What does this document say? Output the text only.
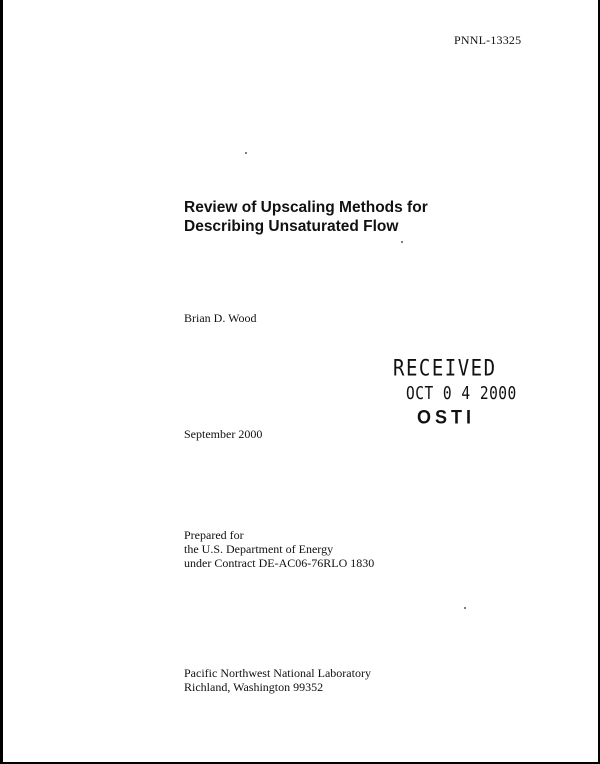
PNNL-13325
Review of Upscaling Methods for
Describing Unsaturated Flow
Brian D. Wood
RECEIVED
OCT 0 4 2000
OSTI
September 2000
Prepared for
the U.S. Department of Energy
under Contract DE-AC06-76RLO 1830
Pacific Northwest National Laboratory
Richland, Washington 99352
